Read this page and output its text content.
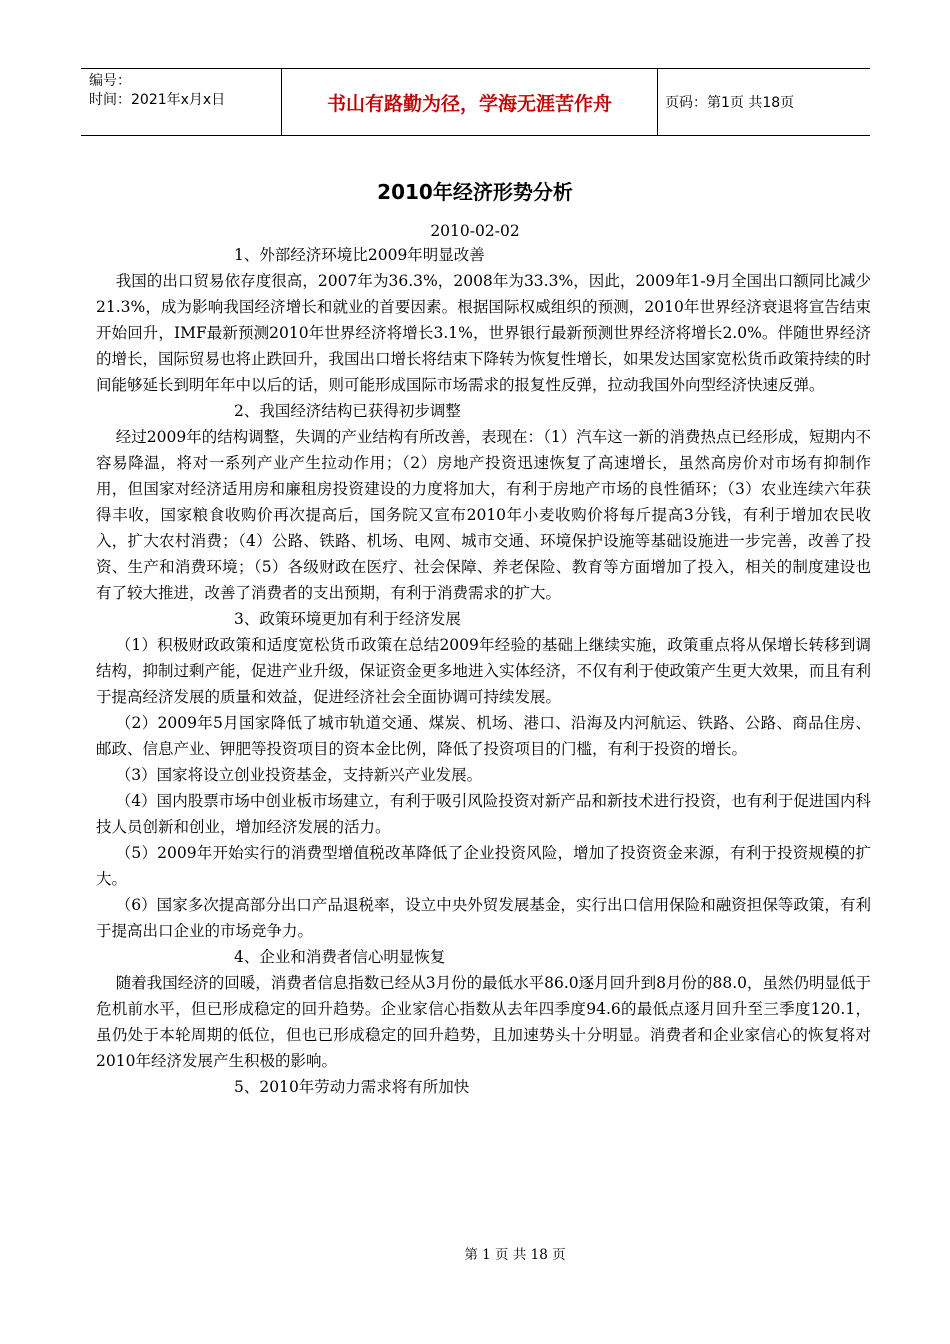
编号：
时间：2021年x月x日	书山有路勤为径，学海无涯苦作舟	页码：第1页 共18页
2010年经济形势分析
2010-02-02

1、外部经济环境比2009年明显改善

我国的出口贸易依存度很高，2007年为36.3%，2008年为33.3%，因此，2009年1-9月全国出口额同比减少21.3%，成为影响我国经济增长和就业的首要因素。根据国际权威组织的预测，2010年世界经济衰退将宣告结束开始回升，IMF最新预测2010年世界经济将增长3.1%，世界银行最新预测世界经济将增长2.0%。伴随世界经济的增长，国际贸易也将止跌回升，我国出口增长将结束下降转为恢复性增长，如果发达国家宽松货币政策持续的时间能够延长到明年年中以后的话，则可能形成国际市场需求的报复性反弹，拉动我国外向型经济快速反弹。

2、我国经济结构已获得初步调整

经过2009年的结构调整，失调的产业结构有所改善，表现在：（1）汽车这一新的消费热点已经形成，短期内不容易降温，将对一系列产业产生拉动作用；（2）房地产投资迅速恢复了高速增长，虽然高房价对市场有抑制作用，但国家对经济适用房和廉租房投资建设的力度将加大，有利于房地产市场的良性循环；（3）农业连续六年获得丰收，国家粮食收购价再次提高后，国务院又宣布2010年小麦收购价将每斤提高3分钱，有利于增加农民收入，扩大农村消费；（4）公路、铁路、机场、电网、城市交通、环境保护设施等基础设施进一步完善，改善了投资、生产和消费环境；（5）各级财政在医疗、社会保障、养老保险、教育等方面增加了投入，相关的制度建设也有了较大推进，改善了消费者的支出预期，有利于消费需求的扩大。

3、政策环境更加有利于经济发展

（1）积极财政政策和适度宽松货币政策在总结2009年经验的基础上继续实施，政策重点将从保增长转移到调结构，抑制过剩产能，促进产业升级，保证资金更多地进入实体经济，不仅有利于使政策产生更大效果，而且有利于提高经济发展的质量和效益，促进经济社会全面协调可持续发展。

（2）2009年5月国家降低了城市轨道交通、煤炭、机场、港口、沿海及内河航运、铁路、公路、商品住房、邮政、信息产业、钾肥等投资项目的资本金比例，降低了投资项目的门槛，有利于投资的增长。

（3）国家将设立创业投资基金，支持新兴产业发展。

（4）国内股票市场中创业板市场建立，有利于吸引风险投资对新产品和新技术进行投资，也有利于促进国内科技人员创新和创业，增加经济发展的活力。

（5）2009年开始实行的消费型增值税改革降低了企业投资风险，增加了投资资金来源，有利于投资规模的扩大。

（6）国家多次提高部分出口产品退税率，设立中央外贸发展基金，实行出口信用保险和融资担保等政策，有利于提高出口企业的市场竞争力。

4、企业和消费者信心明显恢复

随着我国经济的回暖，消费者信息指数已经从3月份的最低水平86.0逐月回升到8月份的88.0，虽然仍明显低于危机前水平，但已形成稳定的回升趋势。企业家信心指数从去年四季度94.6的最低点逐月回升至三季度120.1，虽仍处于本轮周期的低位，但也已形成稳定的回升趋势，且加速势头十分明显。消费者和企业家信心的恢复将对2010年经济发展产生积极的影响。

5、2010年劳动力需求将有所加快

第 1 页 共 18 页
